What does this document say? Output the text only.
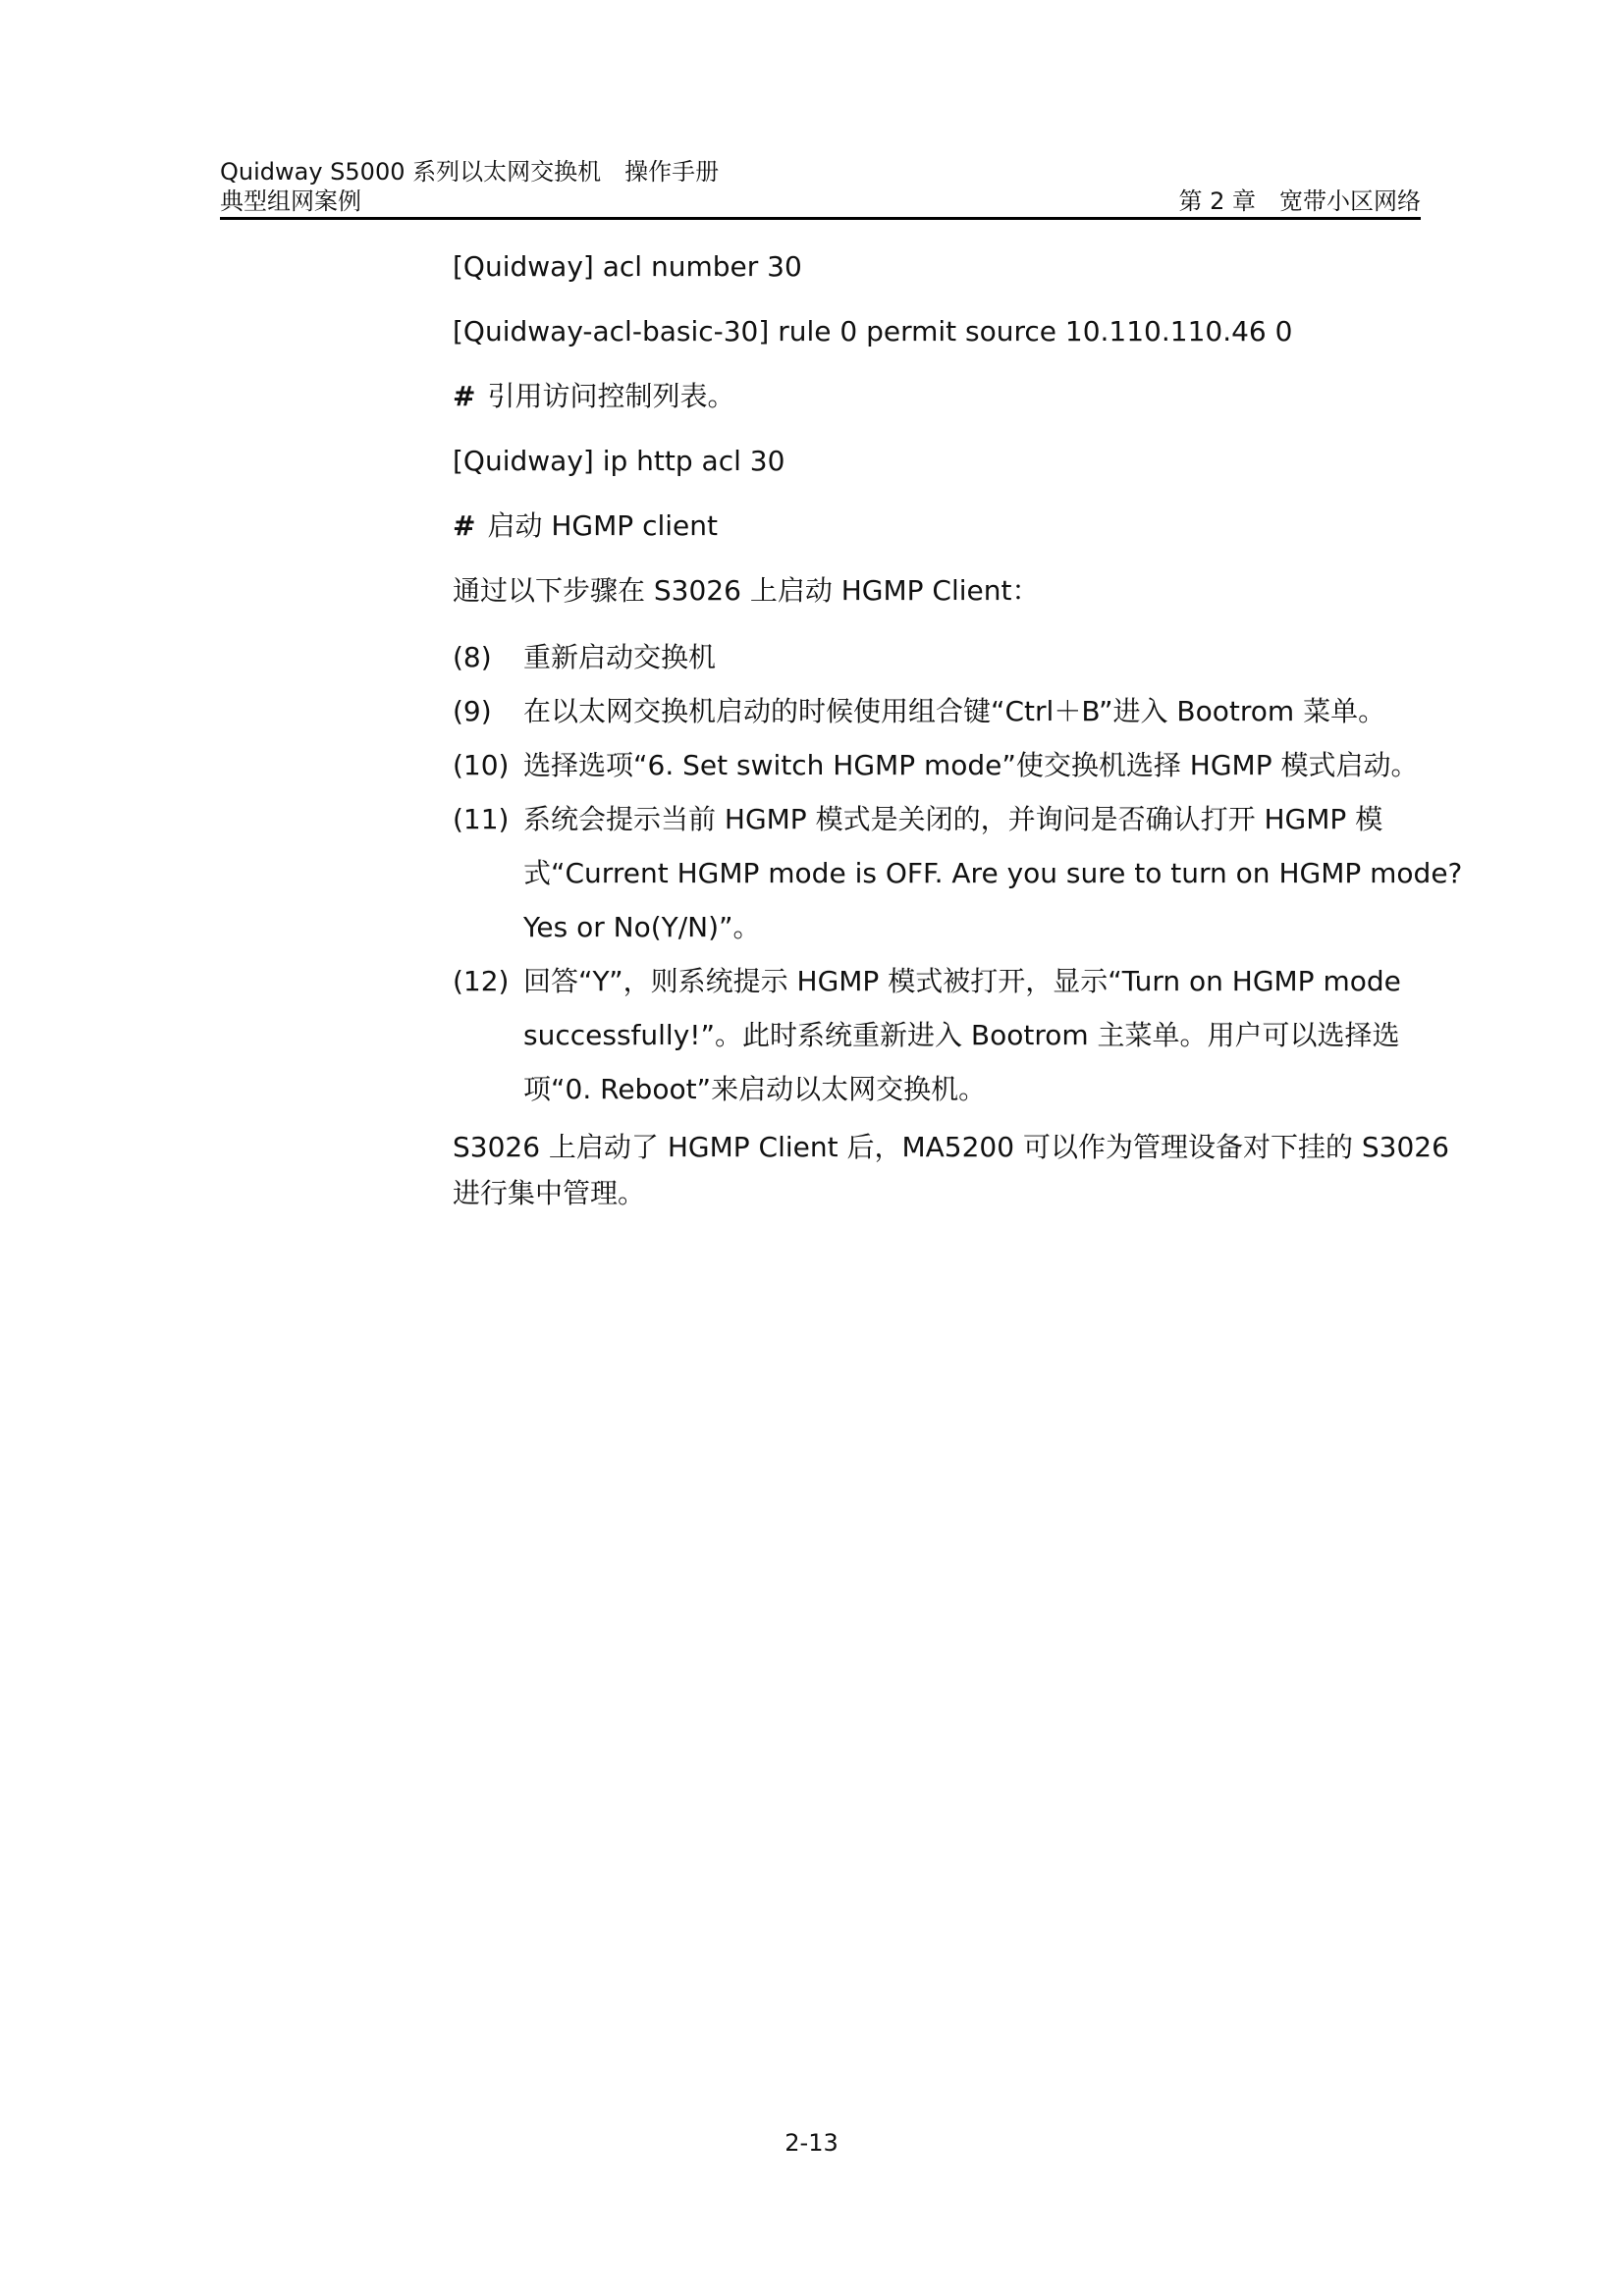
Quidway S5000 系列以太网交换机　操作手册
典型组网案例	第 2 章　宽带小区网络
[Quidway] acl number 30
[Quidway-acl-basic-30] rule 0 permit source 10.110.110.46 0
# 引用访问控制列表。
[Quidway] ip http acl 30
# 启动 HGMP client
通过以下步骤在 S3026 上启动 HGMP Client：
(8)	重新启动交换机
(9)	在以太网交换机启动的时候使用组合键“Ctrl＋B”进入 Bootrom 菜单。
(10) 选择选项“6. Set switch HGMP mode”使交换机选择 HGMP 模式启动。
(11) 系统会提示当前 HGMP 模式是关闭的，并询问是否确认打开 HGMP 模
式“Current HGMP mode is OFF. Are you sure to turn on HGMP mode?
Yes or No(Y/N)”。
(12) 回答“Y”，则系统提示 HGMP 模式被打开，显示“Turn on HGMP mode
successfully!”。此时系统重新进入 Bootrom 主菜单。用户可以选择选
项“0. Reboot”来启动以太网交换机。
S3026 上启动了 HGMP Client 后，MA5200 可以作为管理设备对下挂的 S3026
进行集中管理。
2-13
